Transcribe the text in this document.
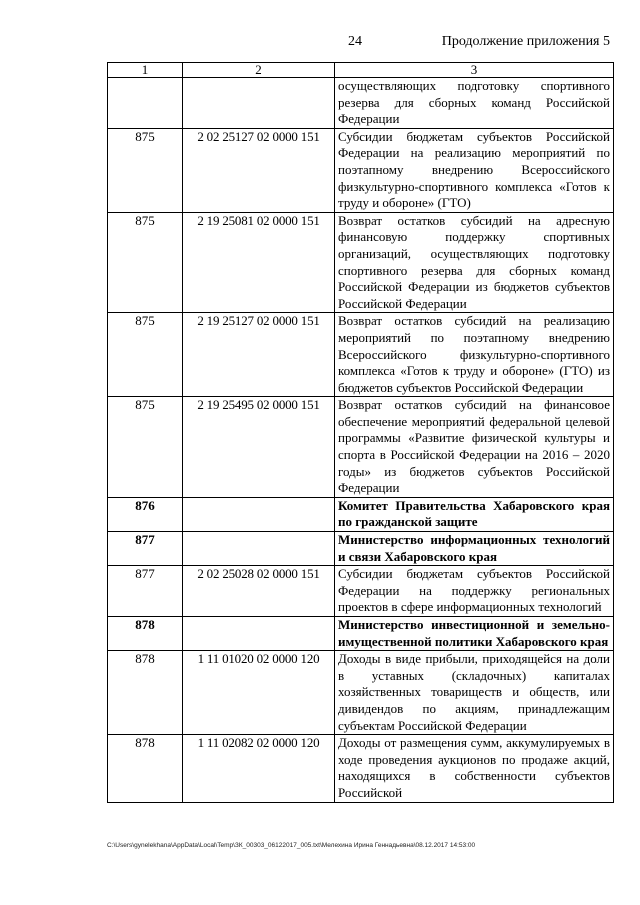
24	Продолжение приложения 5
1	2	3
		осуществляющих подготовку спортивного резерва для сборных команд Российской Федерации
875	2 02 25127 02 0000 151	Субсидии бюджетам субъектов Российской Федерации на реализацию мероприятий по поэтапному внедрению Всероссийского физкультурно-спортивного комплекса «Готов к труду и обороне» (ГТО)
875	2 19 25081 02 0000 151	Возврат остатков субсидий на адресную финансовую поддержку спортивных организаций, осуществляющих подготовку спортивного резерва для сборных команд Российской Федерации из бюджетов субъектов Российской Федерации
875	2 19 25127 02 0000 151	Возврат остатков субсидий на реализацию мероприятий по поэтапному внедрению Всероссийского физкультурно-спортивного комплекса «Готов к труду и обороне» (ГТО) из бюджетов субъектов Российской Федерации
875	2 19 25495 02 0000 151	Возврат остатков субсидий на финансовое обеспечение мероприятий федеральной целевой программы «Развитие физической культуры и спорта в Российской Федерации на 2016 – 2020 годы» из бюджетов субъектов Российской Федерации
876		Комитет Правительства Хабаровского края по гражданской защите
877		Министерство информационных технологий и связи Хабаровского края
877	2 02 25028 02 0000 151	Субсидии бюджетам субъектов Российской Федерации на поддержку региональных проектов в сфере информационных технологий
878		Министерство инвестиционной и земельно-имущественной политики Хабаровского края
878	1 11 01020 02 0000 120	Доходы в виде прибыли, приходящейся на доли в уставных (складочных) капиталах хозяйственных товариществ и обществ, или дивидендов по акциям, принадлежащим субъектам Российской Федерации
878	1 11 02082 02 0000 120	Доходы от размещения сумм, аккумулируемых в ходе проведения аукционов по продаже акций, находящихся в собственности субъектов Российской
C:\Users\gynelekhana\AppData\Local\Temp\ЗК_00303_06122017_005.txt\Мелехина Ирина Геннадьевна\08.12.2017 14:53:00
